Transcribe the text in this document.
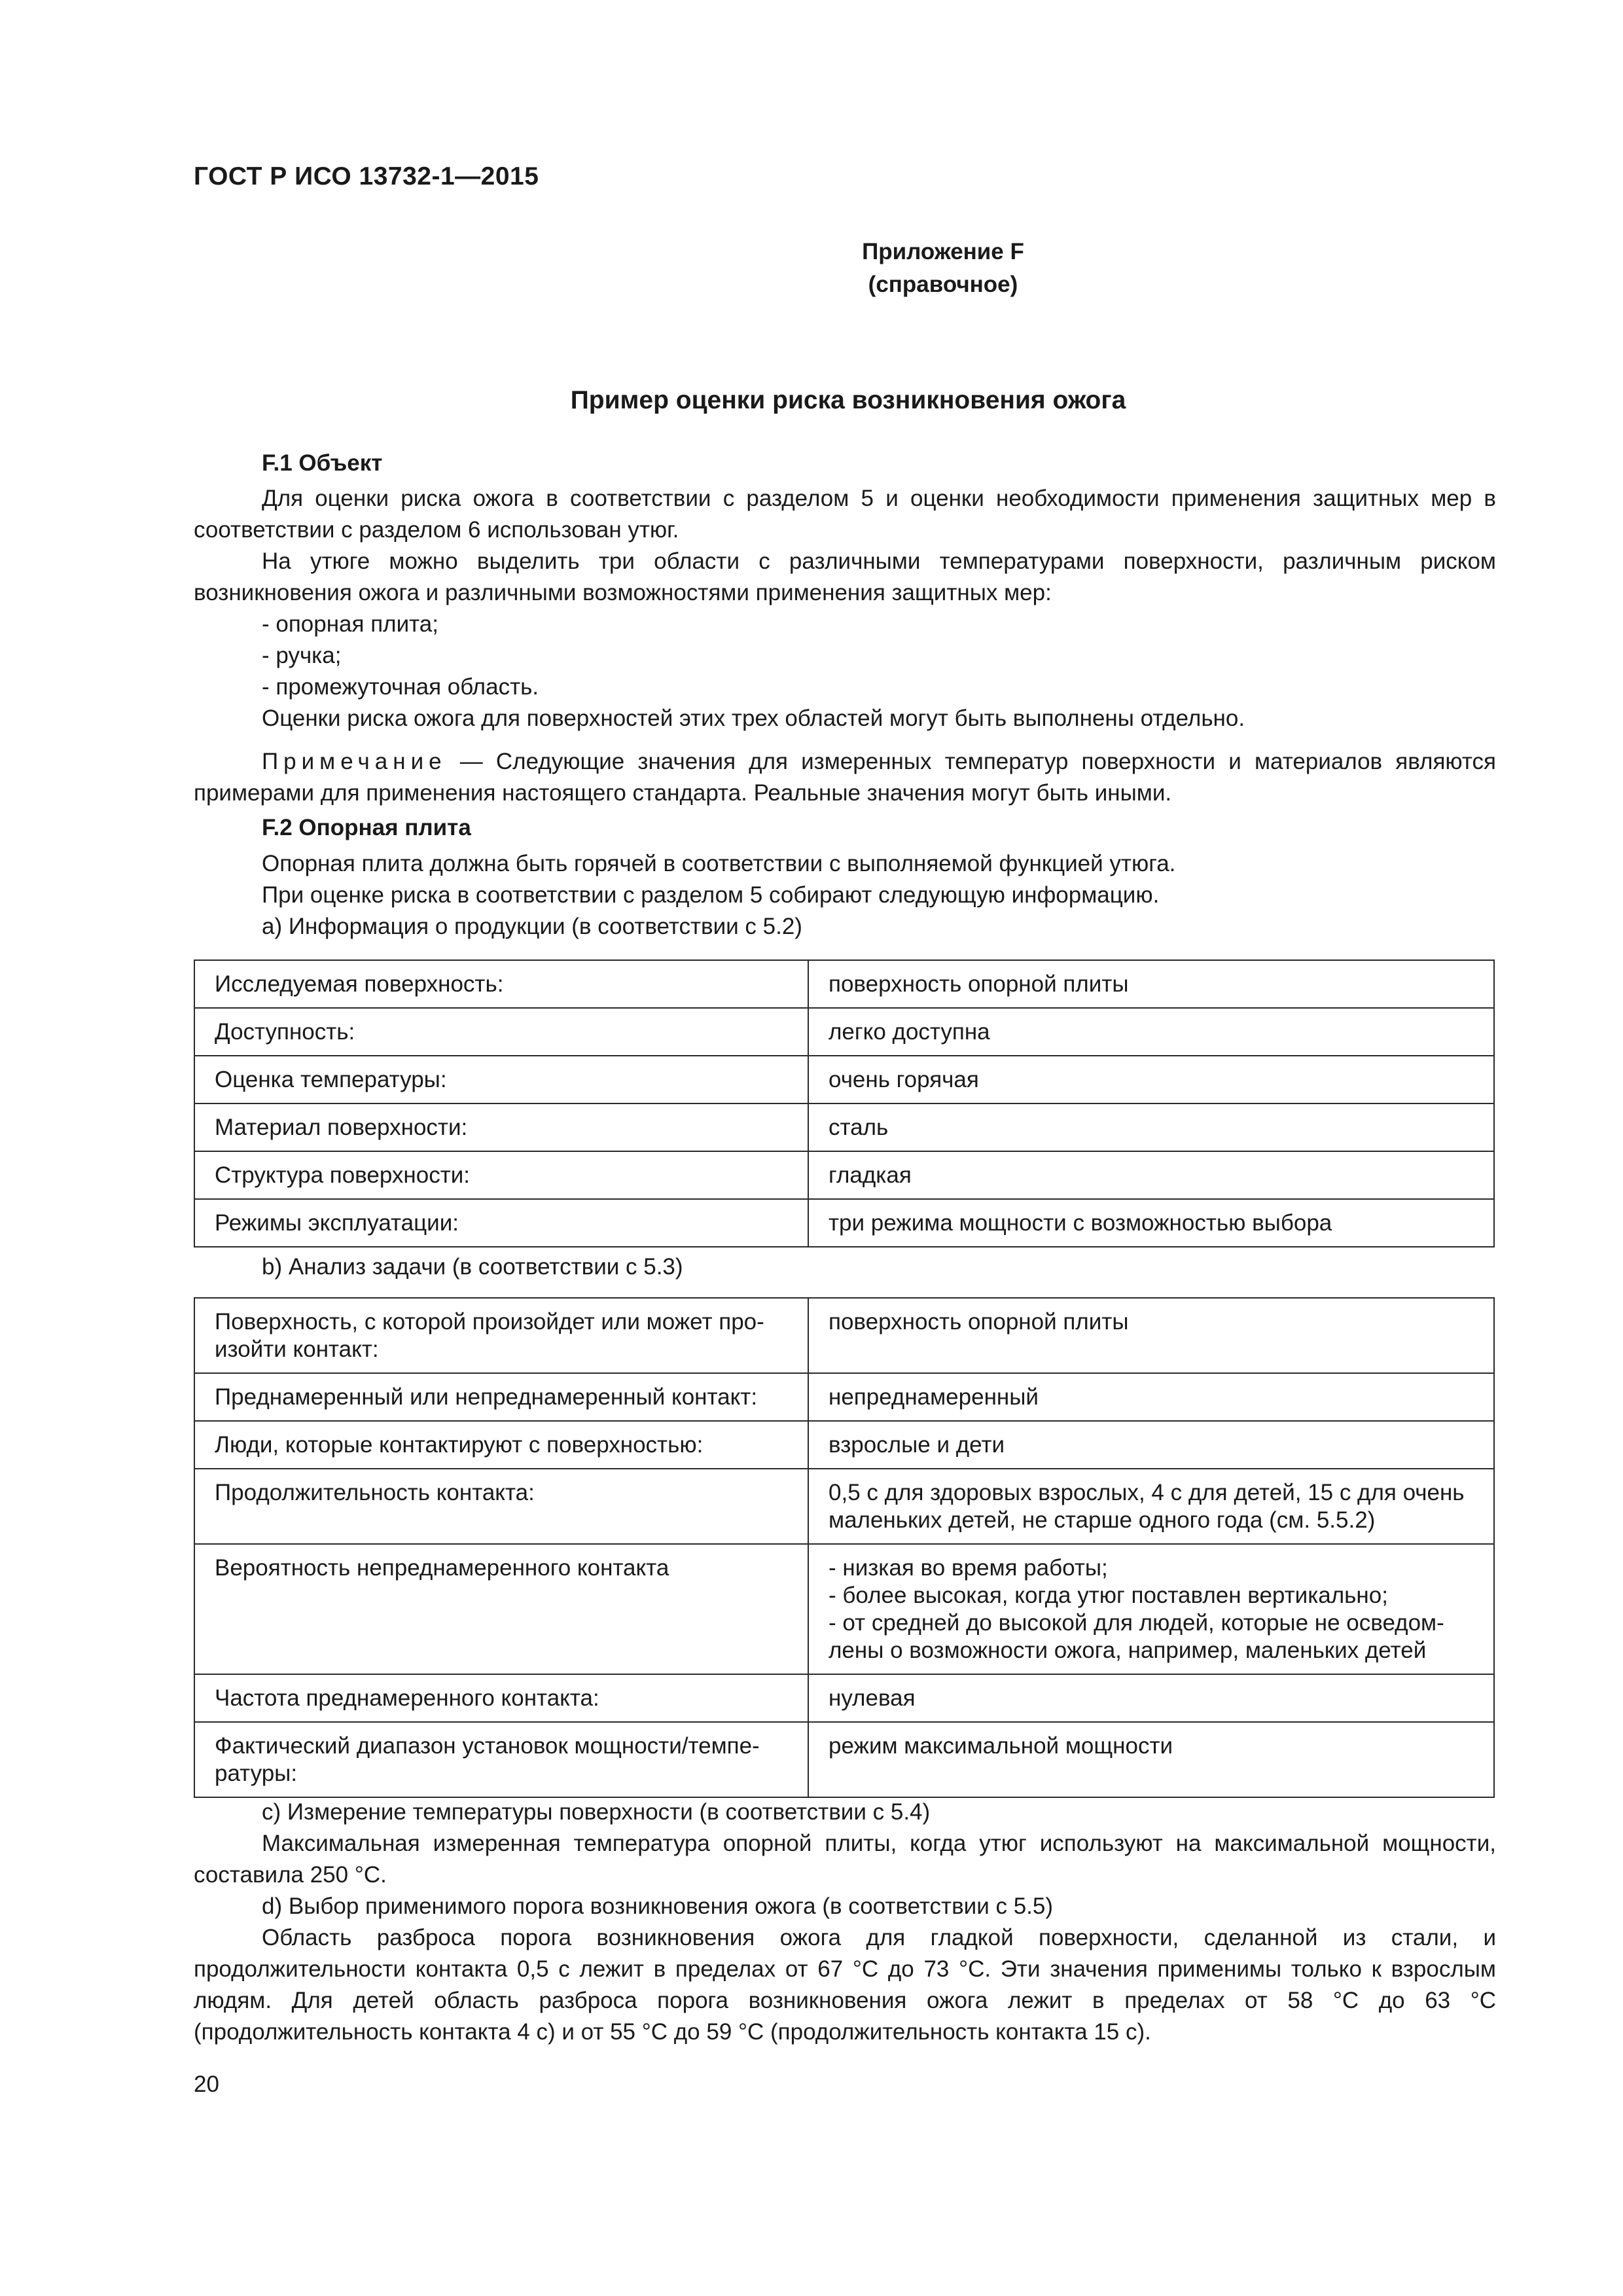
ГОСТ Р ИСО 13732-1—2015
Приложение F
(справочное)
Пример оценки риска возникновения ожога
F.1 Объект

Для оценки риска ожога в соответствии с разделом 5 и оценки необходимости применения защитных мер в соответствии с разделом 6 использован утюг.

На утюге можно выделить три области с различными температурами поверхности, различным риском возникновения ожога и различными возможностями применения защитных мер:

- опорная плита;

- ручка;

- промежуточная область.

Оценки риска ожога для поверхностей этих трех областей могут быть выполнены отдельно.

Примечание — Следующие значения для измеренных температур поверхности и материалов являются примерами для применения настоящего стандарта. Реальные значения могут быть иными.

F.2 Опорная плита

Опорная плита должна быть горячей в соответствии с выполняемой функцией утюга.

При оценке риска в соответствии с разделом 5 собирают следующую информацию.

a) Информация о продукции (в соответствии с 5.2)

Исследуемая поверхность:	поверхность опорной плиты
Доступность:	легко доступна
Оценка температуры:	очень горячая
Материал поверхности:	сталь
Структура поверхности:	гладкая
Режимы эксплуатации:	три режима мощности с возможностью выбора

b) Анализ задачи (в соответствии с 5.3)

Поверхность, с которой произойдет или может про-
изойти контакт:	поверхность опорной плиты
Преднамеренный или непреднамеренный контакт:	непреднамеренный
Люди, которые контактируют с поверхностью:	взрослые и дети
Продолжительность контакта:	0,5 с для здоровых взрослых, 4 с для детей, 15 с для очень маленьких детей, не старше одного года (см. 5.5.2)
Вероятность непреднамеренного контакта	- низкая во время работы;
- более высокая, когда утюг поставлен вертикально;
- от средней до высокой для людей, которые не осведом-
лены о возможности ожога, например, маленьких детей
Частота преднамеренного контакта:	нулевая
Фактический диапазон установок мощности/темпе-
ратуры:	режим максимальной мощности

c) Измерение температуры поверхности (в соответствии с 5.4)

Максимальная измеренная температура опорной плиты, когда утюг используют на максимальной мощности, составила 250 °С.

d) Выбор применимого порога возникновения ожога (в соответствии с 5.5)

Область разброса порога возникновения ожога для гладкой поверхности, сделанной из стали, и продолжительности контакта 0,5 с лежит в пределах от 67 °С до 73 °С. Эти значения применимы только к взрослым людям. Для детей область разброса порога возникновения ожога лежит в пределах от 58 °С до 63 °С (продолжительность контакта 4 с) и от 55 °С до 59 °С (продолжительность контакта 15 с).

20
